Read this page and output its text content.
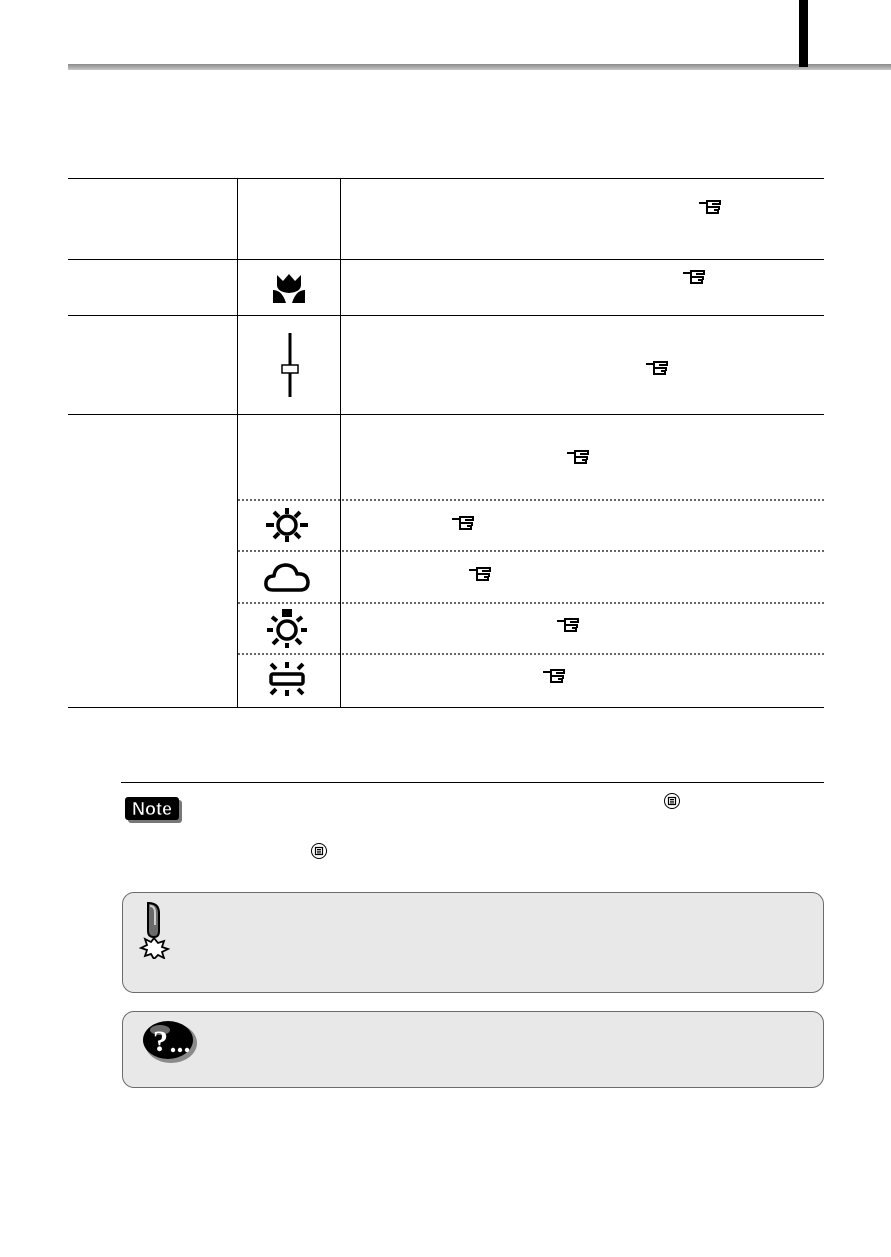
Note
?
